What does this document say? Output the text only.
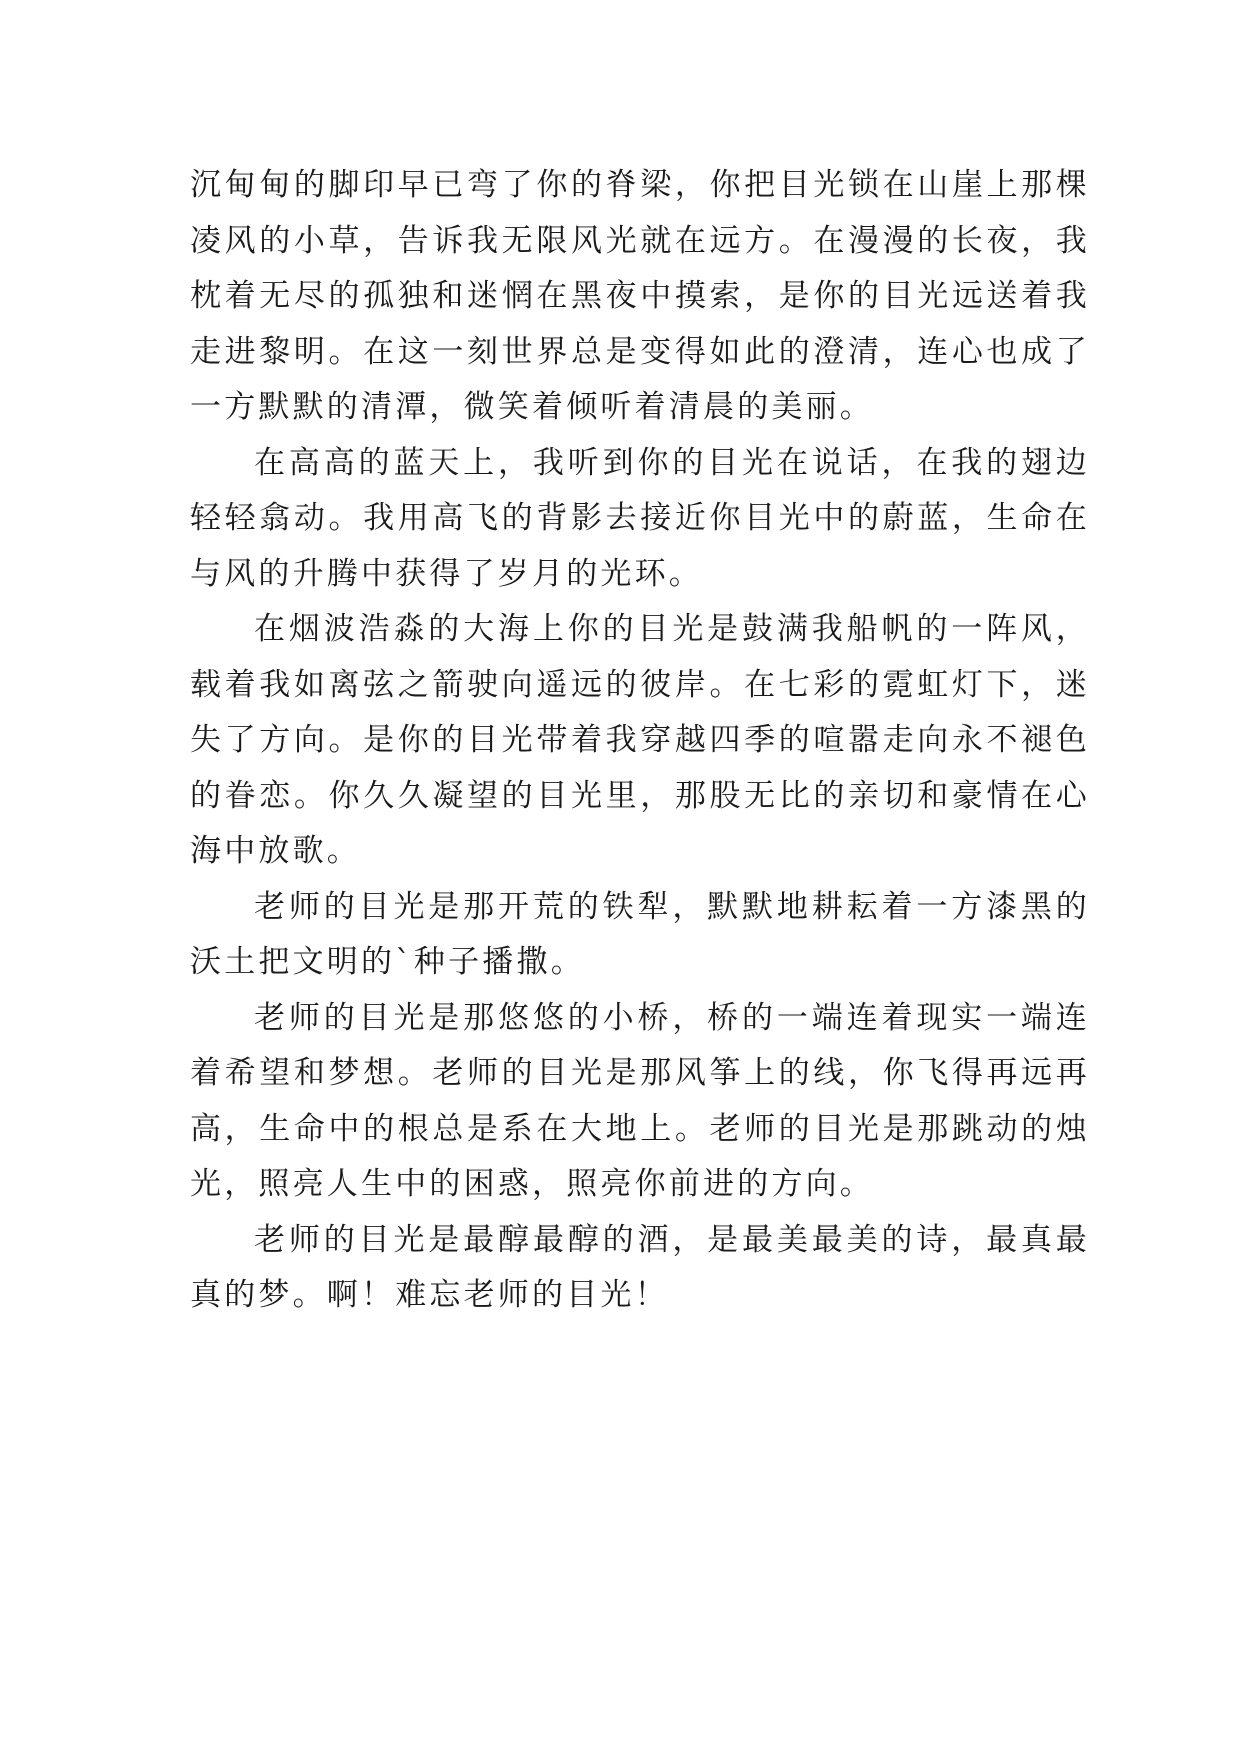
沉甸甸的脚印早已弯了你的脊梁，你把目光锁在山崖上那棵凌风的小草，告诉我无限风光就在远方。在漫漫的长夜，我枕着无尽的孤独和迷惘在黑夜中摸索，是你的目光远送着我走进黎明。在这一刻世界总是变得如此的澄清，连心也成了一方默默的清潭，微笑着倾听着清晨的美丽。

在高高的蓝天上，我听到你的目光在说话，在我的翅边轻轻翕动。我用高飞的背影去接近你目光中的蔚蓝，生命在与风的升腾中获得了岁月的光环。

在烟波浩淼的大海上你的目光是鼓满我船帆的一阵风，载着我如离弦之箭驶向遥远的彼岸。在七彩的霓虹灯下，迷失了方向。是你的目光带着我穿越四季的喧嚣走向永不褪色的眷恋。你久久凝望的目光里，那股无比的亲切和豪情在心海中放歌。

老师的目光是那开荒的铁犁，默默地耕耘着一方漆黑的沃土把文明的`种子播撒。

老师的目光是那悠悠的小桥，桥的一端连着现实一端连着希望和梦想。老师的目光是那风筝上的线，你飞得再远再高，生命中的根总是系在大地上。老师的目光是那跳动的烛光，照亮人生中的困惑，照亮你前进的方向。

老师的目光是最醇最醇的酒，是最美最美的诗，最真最真的梦。啊！难忘老师的目光！
